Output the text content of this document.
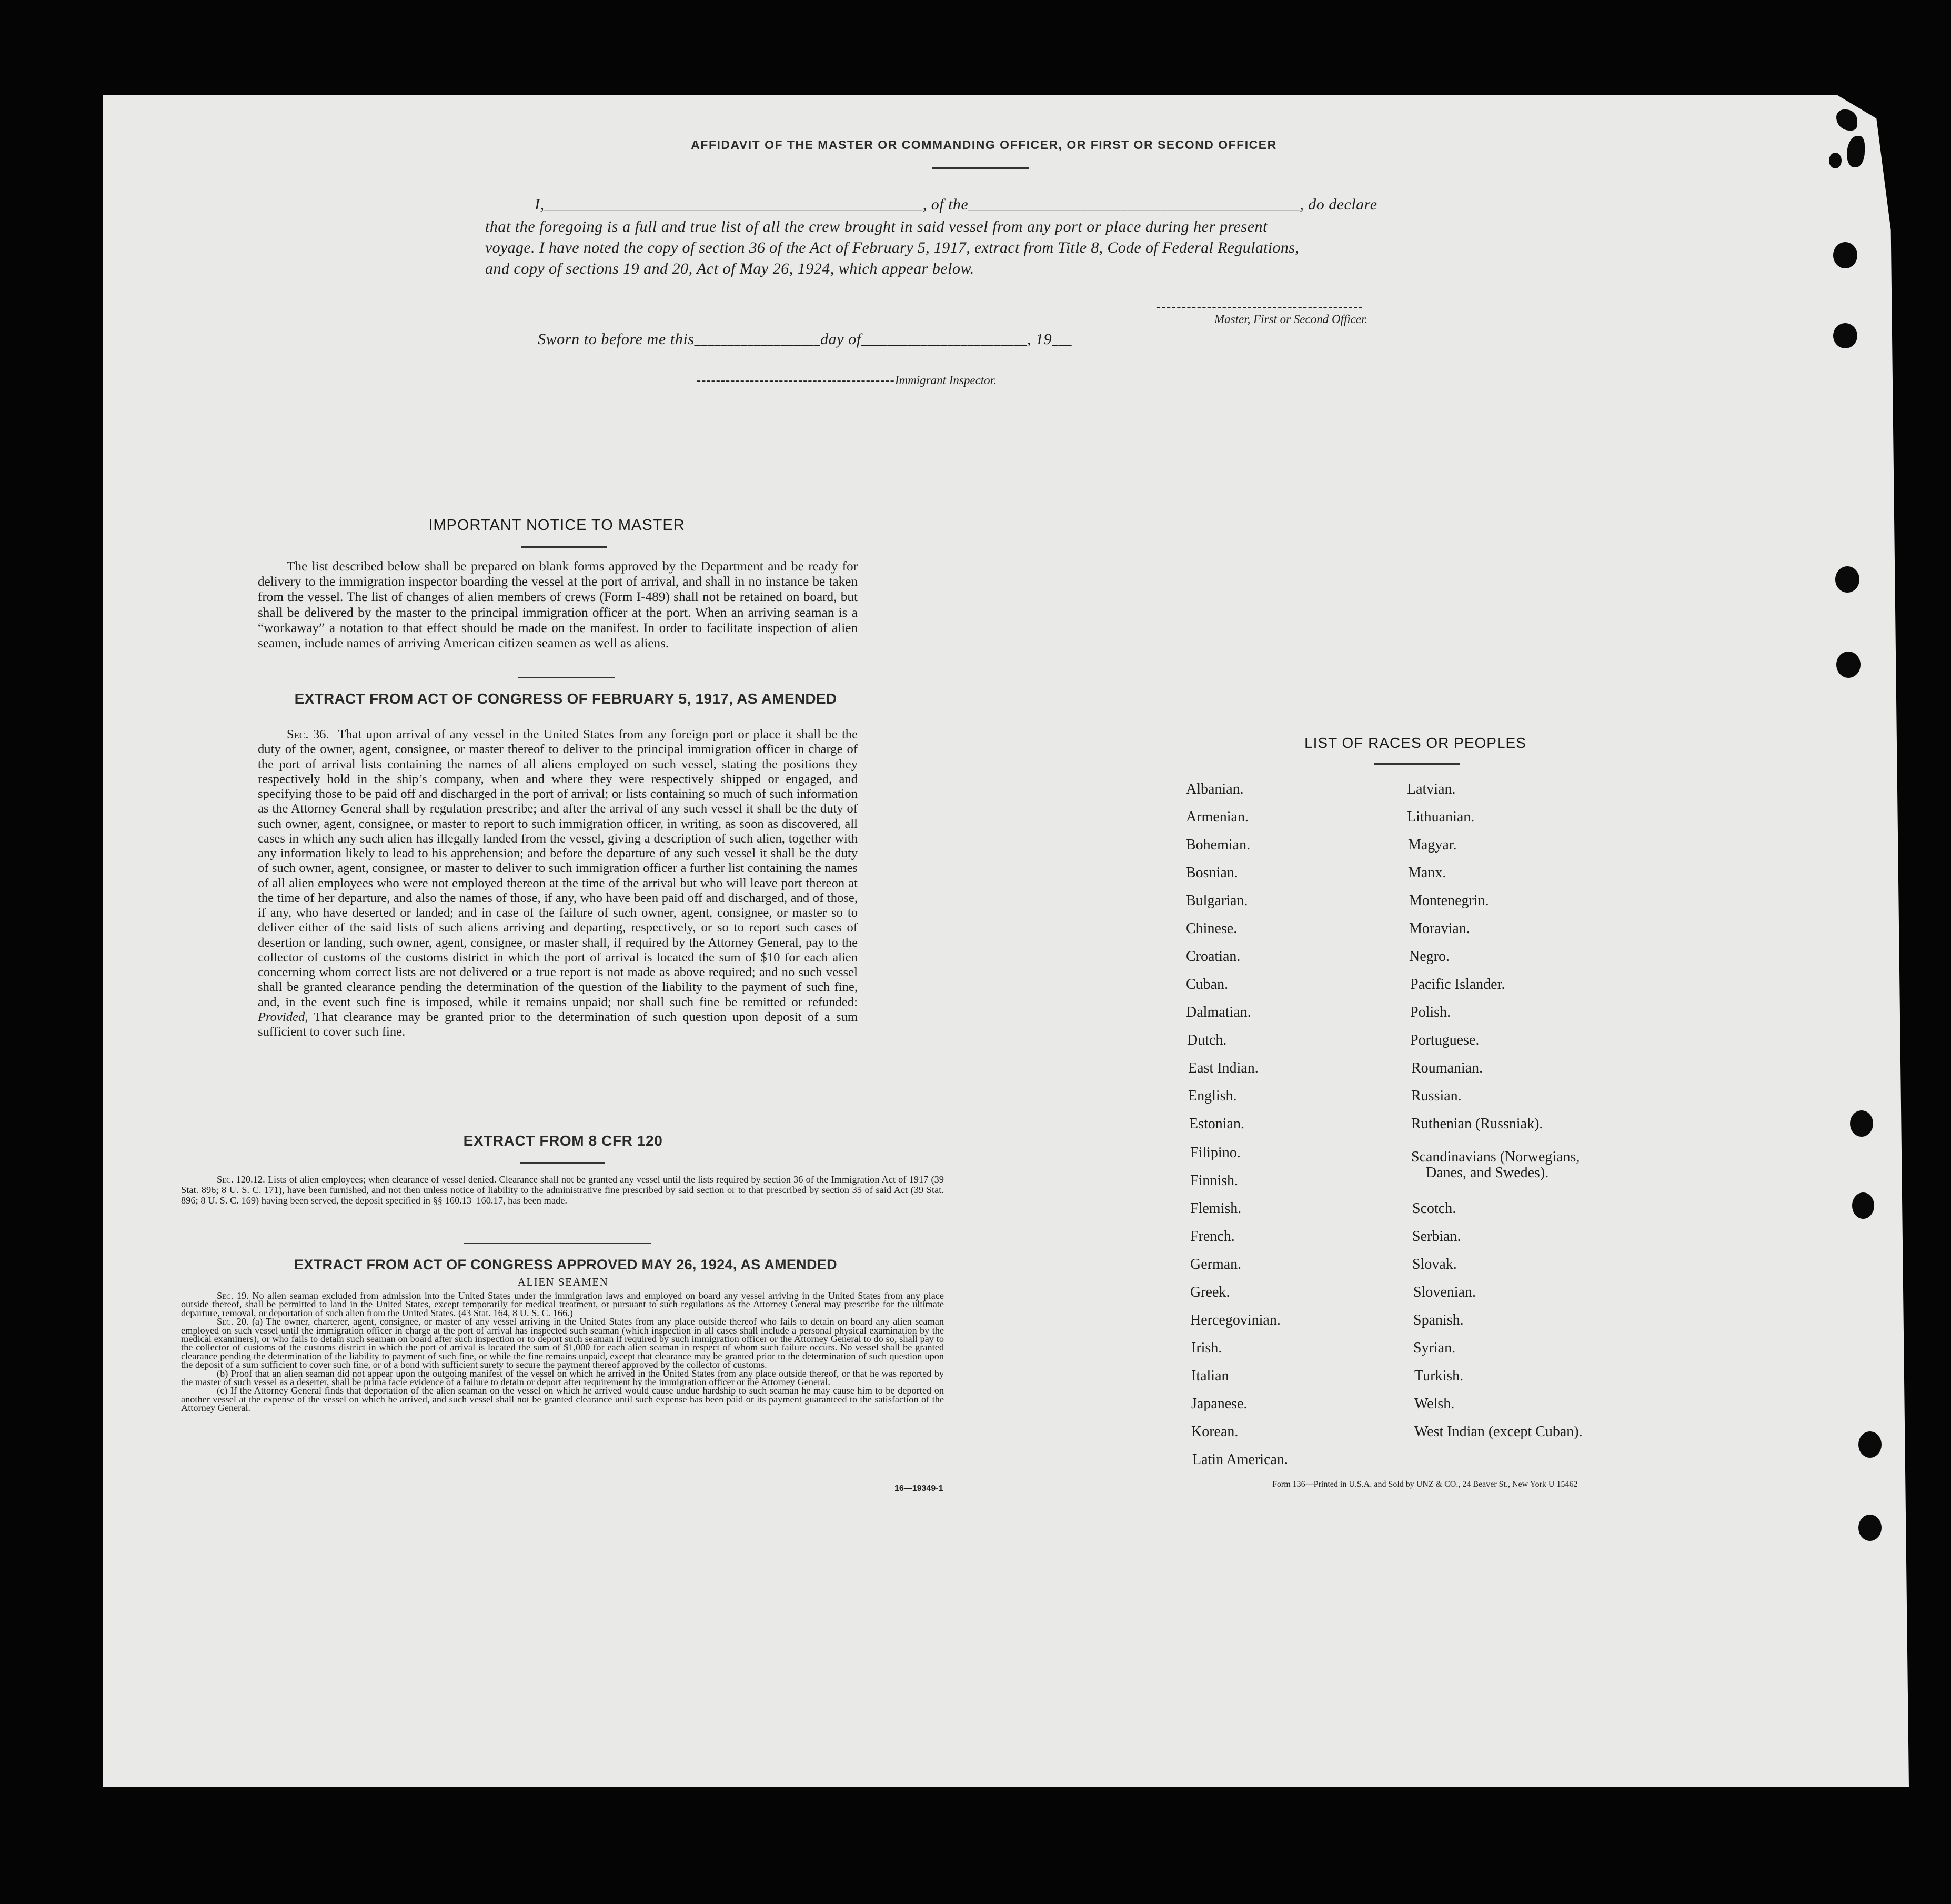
AFFIDAVIT OF THE MASTER OR COMMANDING OFFICER, OR FIRST OR SECOND OFFICER
I,__________________________________________________________, of the__________________________________________________, do declare
that the foregoing is a full and true list of all the crew brought in said vessel from any port or place during her present
voyage. I have noted the copy of section 36 of the Act of February 5, 1917, extract from Title 8, Code of Federal Regulations,
and copy of sections 19 and 20, Act of May 26, 1924, which appear below.
-----------------------------------------
Master, First or Second Officer.
Sworn to before me this___________________day of_________________________, 19___
-----------------------------------------Immigrant Inspector.
IMPORTANT NOTICE TO MASTER

The list described below shall be prepared on blank forms approved by the Department and be ready for delivery to the immigration inspector boarding the vessel at the port of arrival, and shall in no instance be taken from the vessel. The list of changes of alien members of crews (Form I-489) shall not be retained on board, but shall be delivered by the master to the principal immigration officer at the port. When an arriving seaman is a “workaway” a notation to that effect should be made on the manifest. In order to facilitate inspection of alien seamen, include names of arriving American citizen seamen as well as aliens.

EXTRACT FROM ACT OF CONGRESS OF FEBRUARY 5, 1917, AS AMENDED

Sec. 36. That upon arrival of any vessel in the United States from any foreign port or place it shall be the duty of the owner, agent, consignee, or master thereof to deliver to the principal immigration officer in charge of the port of arrival lists containing the names of all aliens employed on such vessel, stating the positions they respectively hold in the ship’s company, when and where they were respectively shipped or engaged, and specifying those to be paid off and discharged in the port of arrival; or lists containing so much of such information as the Attorney General shall by regulation prescribe; and after the arrival of any such vessel it shall be the duty of such owner, agent, consignee, or master to report to such immigration officer, in writing, as soon as discovered, all cases in which any such alien has illegally landed from the vessel, giving a description of such alien, together with any information likely to lead to his apprehension; and before the departure of any such vessel it shall be the duty of such owner, agent, consignee, or master to deliver to such immigration officer a further list containing the names of all alien employees who were not employed thereon at the time of the arrival but who will leave port thereon at the time of her departure, and also the names of those, if any, who have been paid off and discharged, and of those, if any, who have deserted or landed; and in case of the failure of such owner, agent, consignee, or master so to deliver either of the said lists of such aliens arriving and departing, respectively, or so to report such cases of desertion or landing, such owner, agent, consignee, or master shall, if required by the Attorney General, pay to the collector of customs of the customs district in which the port of arrival is located the sum of $10 for each alien concerning whom correct lists are not delivered or a true report is not made as above required; and no such vessel shall be granted clearance pending the determination of the question of the liability to the payment of such fine, and, in the event such fine is imposed, while it remains unpaid; nor shall such fine be remitted or refunded: Provided, That clearance may be granted prior to the determination of such question upon deposit of a sum sufficient to cover such fine.

EXTRACT FROM 8 CFR 120

Sec. 120.12. Lists of alien employees; when clearance of vessel denied. Clearance shall not be granted any vessel until the lists required by section 36 of the Immigration Act of 1917 (39 Stat. 896; 8 U. S. C. 171), have been furnished, and not then unless notice of liability to the administrative fine prescribed by said section or to that prescribed by section 35 of said Act (39 Stat. 896; 8 U. S. C. 169) having been served, the deposit specified in §§ 160.13–160.17, has been made.

EXTRACT FROM ACT OF CONGRESS APPROVED MAY 26, 1924, AS AMENDED
ALIEN SEAMEN

Sec. 19. No alien seaman excluded from admission into the United States under the immigration laws and employed on board any vessel arriving in the United States from any place outside thereof, shall be permitted to land in the United States, except temporarily for medical treatment, or pursuant to such regulations as the Attorney General may prescribe for the ultimate departure, removal, or deportation of such alien from the United States. (43 Stat. 164, 8 U. S. C. 166.)

Sec. 20. (a) The owner, charterer, agent, consignee, or master of any vessel arriving in the United States from any place outside thereof who fails to detain on board any alien seaman employed on such vessel until the immigration officer in charge at the port of arrival has inspected such seaman (which inspection in all cases shall include a personal physical examination by the medical examiners), or who fails to detain such seaman on board after such inspection or to deport such seaman if required by such immigration officer or the Attorney General to do so, shall pay to the collector of customs of the customs district in which the port of arrival is located the sum of $1,000 for each alien seaman in respect of whom such failure occurs. No vessel shall be granted clearance pending the determination of the liability to payment of such fine, or while the fine remains unpaid, except that clearance may be granted prior to the determination of such question upon the deposit of a sum sufficient to cover such fine, or of a bond with sufficient surety to secure the payment thereof approved by the collector of customs.

(b) Proof that an alien seaman did not appear upon the outgoing manifest of the vessel on which he arrived in the United States from any place outside thereof, or that he was reported by the master of such vessel as a deserter, shall be prima facie evidence of a failure to detain or deport after requirement by the immigration officer or the Attorney General.

(c) If the Attorney General finds that deportation of the alien seaman on the vessel on which he arrived would cause undue hardship to such seaman he may cause him to be deported on another vessel at the expense of the vessel on which he arrived, and such vessel shall not be granted clearance until such expense has been paid or its payment guaranteed to the satisfaction of the Attorney General.

16—19349-1
LIST OF RACES OR PEOPLES
Albanian.
Armenian.
Bohemian.
Bosnian.
Bulgarian.
Chinese.
Croatian.
Cuban.
Dalmatian.
Dutch.
East Indian.
English.
Estonian.
Filipino.
Finnish.
Flemish.
French.
German.
Greek.
Hercegovinian.
Irish.
Italian
Japanese.
Korean.
Latin American.
Latvian.
Lithuanian.
Magyar.
Manx.
Montenegrin.
Moravian.
Negro.
Pacific Islander.
Polish.
Portuguese.
Roumanian.
Russian.
Ruthenian (Russniak).
Scandinavians (Norwegians,
Danes, and Swedes).
Scotch.
Serbian.
Slovak.
Slovenian.
Spanish.
Syrian.
Turkish.
Welsh.
West Indian (except Cuban).
Form 136—Printed in U.S.A. and Sold by UNZ & CO., 24 Beaver St., New York U 15462
